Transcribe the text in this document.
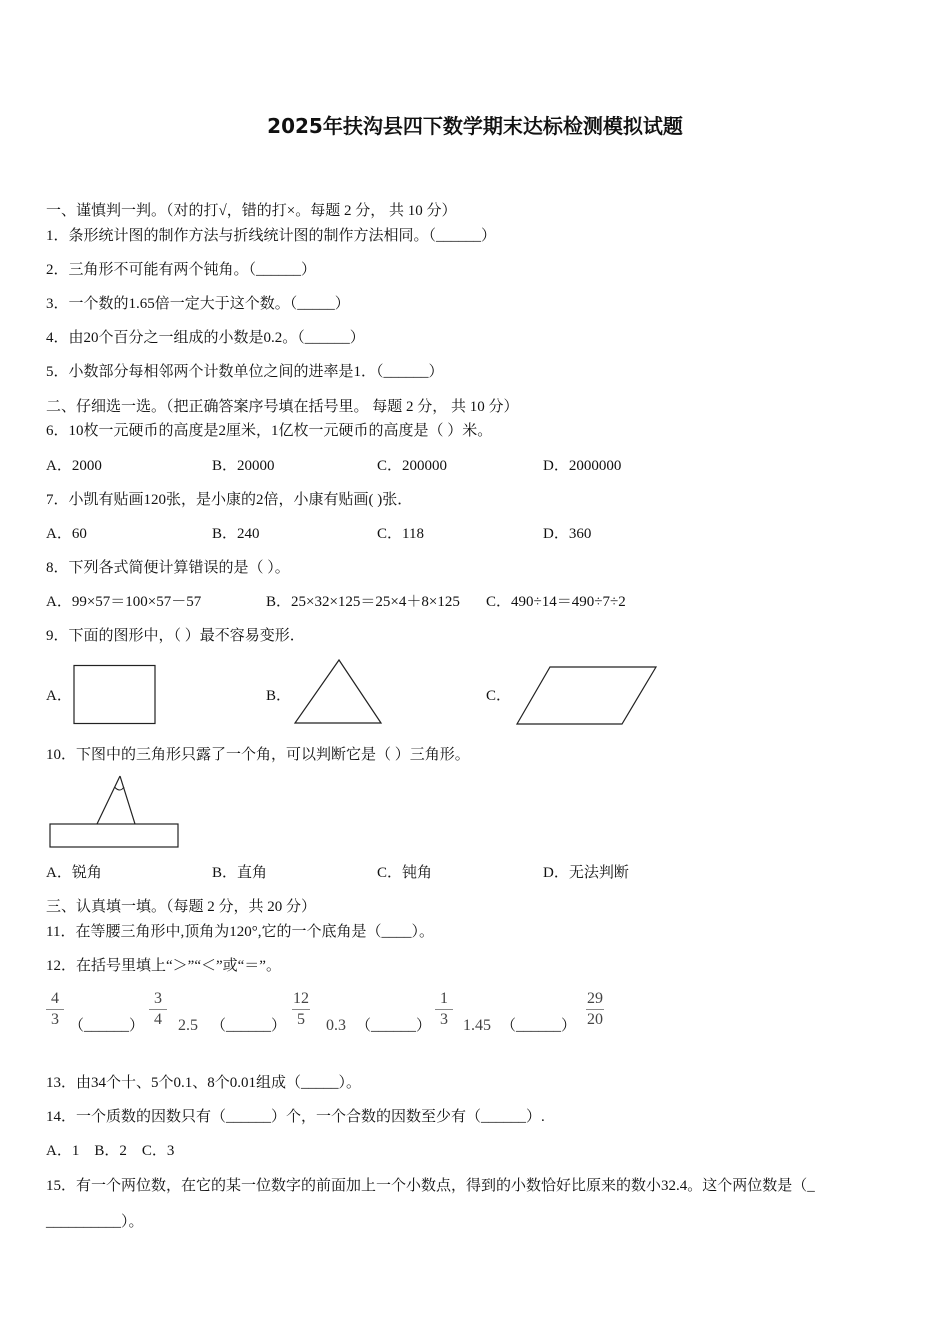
2025年扶沟县四下数学期末达标检测模拟试题
一、谨慎判一判。（对的打√，错的打×。每题 2 分， 共 10 分）
1．条形统计图的制作方法与折线统计图的制作方法相同。（______）
2．三角形不可能有两个钝角。（______）
3．一个数的1.65倍一定大于这个数。（_____）
4．由20个百分之一组成的小数是0.2。（______）
5．小数部分每相邻两个计数单位之间的进率是1．（______）
二、仔细选一选。（把正确答案序号填在括号里。 每题 2 分， 共 10 分）
6．10枚一元硬币的高度是2厘米，1亿枚一元硬币的高度是（ ）米。
A．2000	B．20000	C．200000	D．2000000
7．小凯有贴画120张，是小康的2倍，小康有贴画( )张．
A．60	B．240	C．118	D．360
8．下列各式简便计算错误的是（ ）。
A．99×57＝100×57－57	B．25×32×125＝25×4＋8×125 C．490÷14＝490÷7÷2
9．下面的图形中，（ ）最不容易变形．
A．	B．	C．
10．下图中的三角形只露了一个角，可以判断它是（ ）三角形。
A．锐角	B．直角	C．钝角	D．无法判断
三、认真填一填。（每题 2 分，共 20 分）
11．在等腰三角形中,顶角为120°,它的一个底角是（____）。
12．在括号里填上“＞”“＜”或“＝”。
4
3 （______）
3
4	2.5 （______）
12
5	0.3 （______）
1
3 1.45 （______）
29
20
13．由34个十、5个0.1、8个0.01组成（_____）。
14．一个质数的因数只有（______）个，一个合数的因数至少有（______）.
A．1    B．2    C．3
15．有一个两位数，在它的某一位数字的前面加上一个小数点，得到的小数恰好比原来的数小32.4。这个两位数是（_
__________）。
